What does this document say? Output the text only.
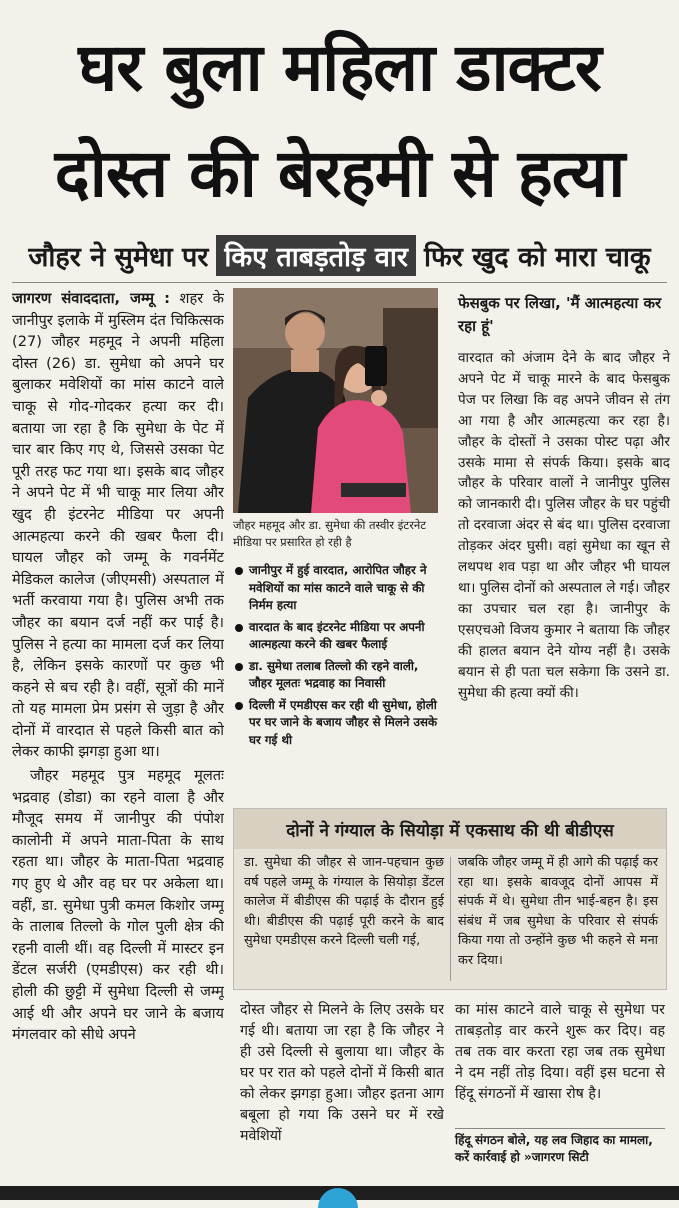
घर बुला महिला डाक्टर
दोस्त की बेरहमी से हत्या
जौहर ने सुमेधा पर किए ताबड़तोड़ वार फिर खुद को मारा चाकू

जागरण संवाददाता, जम्मू : शहर के जानीपुर इलाके में मुस्लिम दंत चिकित्सक (27) जौहर महमूद ने अपनी महिला दोस्त (26) डा. सुमेधा को अपने घर बुलाकर मवेशियों का मांस काटने वाले चाकू से गोद-गोदकर हत्या कर दी। बताया जा रहा है कि सुमेधा के पेट में चार बार किए गए थे, जिससे उसका पेट पूरी तरह फट गया था। इसके बाद जौहर ने अपने पेट में भी चाकू मार लिया और खुद ही इंटरनेट मीडिया पर अपनी आत्महत्या करने की खबर फैला दी। घायल जौहर को जम्मू के गवर्नमेंट मेडिकल कालेज (जीएमसी) अस्पताल में भर्ती करवाया गया है। पुलिस अभी तक जौहर का बयान दर्ज नहीं कर पाई है। पुलिस ने हत्या का मामला दर्ज कर लिया है, लेकिन इसके कारणों पर कुछ भी कहने से बच रही है। वहीं, सूत्रों की मानें तो यह मामला प्रेम प्रसंग से जुड़ा है और दोनों में वारदात से पहले किसी बात को लेकर काफी झगड़ा हुआ था।

जौहर महमूद पुत्र महमूद मूलतः भद्रवाह (डोडा) का रहने वाला है और मौजूद समय में जानीपुर की पंपोश कालोनी में अपने माता-पिता के साथ रहता था। जौहर के माता-पिता भद्रवाह गए हुए थे और वह घर पर अकेला था। वहीं, डा. सुमेधा पुत्री कमल किशोर जम्मू के तालाब तिल्लो के गोल पुली क्षेत्र की रहनी वाली थीं। वह दिल्ली में मास्टर इन डेंटल सर्जरी (एमडीएस) कर रही थी। होली की छुट्टी में सुमेधा दिल्ली से जम्मू आई थी और अपने घर जाने के बजाय मंगलवार को सीधे अपने

जौहर महमूद और डा. सुमेधा की तस्वीर इंटरनेट मीडिया पर प्रसारित हो रही है
जानीपुर में हुई वारदात, आरोपित जौहर ने मवेशियों का मांस काटने वाले चाकू से की निर्मम हत्या
वारदात के बाद इंटरनेट मीडिया पर अपनी आत्महत्या करने की खबर फैलाई
डा. सुमेधा तलाब तिल्लो की रहने वाली, जौहर मूलतः भद्रवाह का निवासी
दिल्ली में एमडीएस कर रही थी सुमेधा, होली पर घर जाने के बजाय जौहर से मिलने उसके घर गई थी
फेसबुक पर लिखा, 'मैं आत्महत्या कर रहा हूं'
वारदात को अंजाम देने के बाद जौहर ने अपने पेट में चाकू मारने के बाद फेसबुक पेज पर लिखा कि वह अपने जीवन से तंग आ गया है और आत्महत्या कर रहा है। जौहर के दोस्तों ने उसका पोस्ट पढ़ा और उसके मामा से संपर्क किया। इसके बाद जौहर के परिवार वालों ने जानीपुर पुलिस को जानकारी दी। पुलिस जौहर के घर पहुंची तो दरवाजा अंदर से बंद था। पुलिस दरवाजा तोड़कर अंदर घुसी। वहां सुमेधा का खून से लथपथ शव पड़ा था और जौहर भी घायल था। पुलिस दोनों को अस्पताल ले गई। जौहर का उपचार चल रहा है। जानीपुर के एसएचओ विजय कुमार ने बताया कि जौहर की हालत बयान देने योग्य नहीं है। उसके बयान से ही पता चल सकेगा कि उसने डा. सुमेधा की हत्या क्यों की।
दोनों ने गंग्याल के सियोड़ा में एकसाथ की थी बीडीएस
डा. सुमेधा की जौहर से जान-पहचान कुछ वर्ष पहले जम्मू के गंग्याल के सियोड़ा डेंटल कालेज में बीडीएस की पढ़ाई के दौरान हुई थी। बीडीएस की पढ़ाई पूरी करने के बाद सुमेधा एमडीएस करने दिल्ली चली गई,
जबकि जौहर जम्मू में ही आगे की पढ़ाई कर रहा था। इसके बावजूद दोनों आपस में संपर्क में थे। सुमेधा तीन भाई-बहन है। इस संबंध में जब सुमेधा के परिवार से संपर्क किया गया तो उन्होंने कुछ भी कहने से मना कर दिया।
दोस्त जौहर से मिलने के लिए उसके घर गई थी। बताया जा रहा है कि जौहर ने ही उसे दिल्ली से बुलाया था। जौहर के घर पर रात को पहले दोनों में किसी बात को लेकर झगड़ा हुआ। जौहर इतना आग बबूला हो गया कि उसने घर में रखे मवेशियों
का मांस काटने वाले चाकू से सुमेधा पर ताबड़तोड़ वार करने शुरू कर दिए। वह तब तक वार करता रहा जब तक सुमेधा ने दम नहीं तोड़ दिया। वहीं इस घटना से हिंदू संगठनों में खासा रोष है।
हिंदू संगठन बोले, यह लव जिहाद का मामला, करें कार्रवाई हो »जागरण सिटी
